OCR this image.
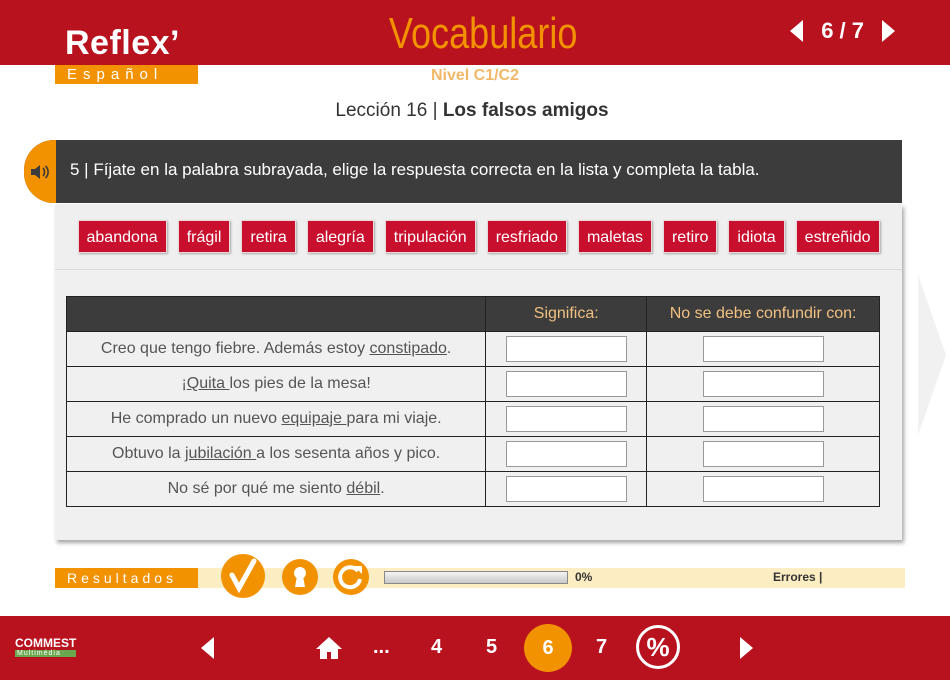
Reflex’
Español
Vocabulario	6 / 7
Nivel C1/C2
Lección 16 | Los falsos amigos
5 | Fíjate en la palabra subrayada, elige la respuesta correcta en la lista y completa la tabla.
abandona	frágil	retira	alegría	tripulación	resfriado	maletas	retiro	idiota	estreñido
	Significa:	No se debe confundir con:
Creo que tengo fiebre. Además estoy constipado.		
¡Quita los pies de la mesa!		
He comprado un nuevo equipaje para mi viaje.		
Obtuvo la jubilación a los sesenta años y pico.		
No sé por qué me siento débil.		
Resultados	0%	Errores |
COMMEST
Multimédia	... 4 5	6	7	%
